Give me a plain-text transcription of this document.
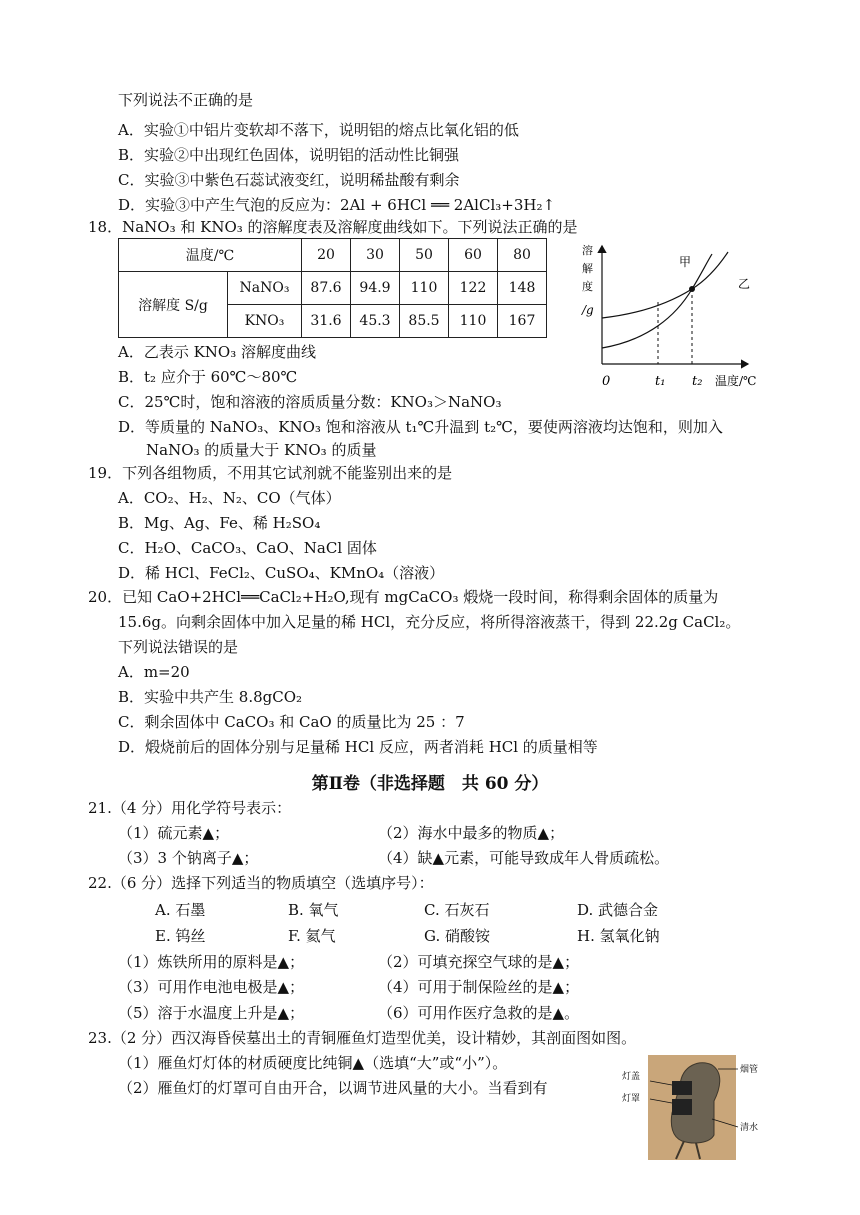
下列说法不正确的是
A．实验①中铝片变软却不落下，说明铝的熔点比氧化铝的低
B．实验②中出现红色固体，说明铝的活动性比铜强
C．实验③中紫色石蕊试液变红，说明稀盐酸有剩余
D．实验③中产生气泡的反应为：2Al + 6HCl ══ 2AlCl₃+3H₂↑
18．NaNO₃ 和 KNO₃ 的溶解度表及溶解度曲线如下。下列说法正确的是
温度/℃		20	30	50	60	80
溶解度 S/g	NaNO₃	87.6	94.9	110	122	148
	KNO₃	31.6	45.3	85.5	110	167
溶
解
度
/g
甲
乙
0	t₁ t₂ 温度/℃
A．乙表示 KNO₃ 溶解度曲线
B．t₂ 应介于 60℃～80℃
C．25℃时，饱和溶液的溶质质量分数：KNO₃＞NaNO₃
D．等质量的 NaNO₃、KNO₃ 饱和溶液从 t₁℃升温到 t₂℃，要使两溶液均达饱和，则加入
NaNO₃ 的质量大于 KNO₃ 的质量
19．下列各组物质，不用其它试剂就不能鉴别出来的是
A．CO₂、H₂、N₂、CO（气体）
B．Mg、Ag、Fe、稀 H₂SO₄
C．H₂O、CaCO₃、CaO、NaCl 固体
D．稀 HCl、FeCl₂、CuSO₄、KMnO₄（溶液）
20．已知 CaO+2HCl══CaCl₂+H₂O,现有 mgCaCO₃ 煅烧一段时间，称得剩余固体的质量为
15.6g。向剩余固体中加入足量的稀 HCl，充分反应，将所得溶液蒸干，得到 22.2g CaCl₂。
下列说法错误的是
A．m=20
B．实验中共产生 8.8gCO₂
C．剩余固体中 CaCO₃ 和 CaO 的质量比为 25 ：7
D．煅烧前后的固体分别与足量稀 HCl 反应，两者消耗 HCl 的质量相等
第Ⅱ卷（非选择题　共 60 分）
21.（4 分）用化学符号表示：
（1）硫元素▲；	（2）海水中最多的物质▲；
（3）3 个钠离子▲；	（4）缺▲元素，可能导致成年人骨质疏松。
22.（6 分）选择下列适当的物质填空（选填序号）：
A. 石墨	B. 氧气	C. 石灰石	D. 武德合金
E. 钨丝	F. 氦气	G. 硝酸铵	H. 氢氧化钠
（1）炼铁所用的原料是▲；	（2）可填充探空气球的是▲；
（3）可用作电池电极是▲；	（4）可用于制保险丝的是▲；
（5）溶于水温度上升是▲；	（6）可用作医疗急救的是▲。
23.（2 分）西汉海昏侯墓出土的青铜雁鱼灯造型优美，设计精妙，其剖面图如图。
（1）雁鱼灯灯体的材质硬度比纯铜▲（选填“大”或“小”）。
（2）雁鱼灯的灯罩可自由开合，以调节进风量的大小。当看到有
灯盖
灯罩
烟管
清水
